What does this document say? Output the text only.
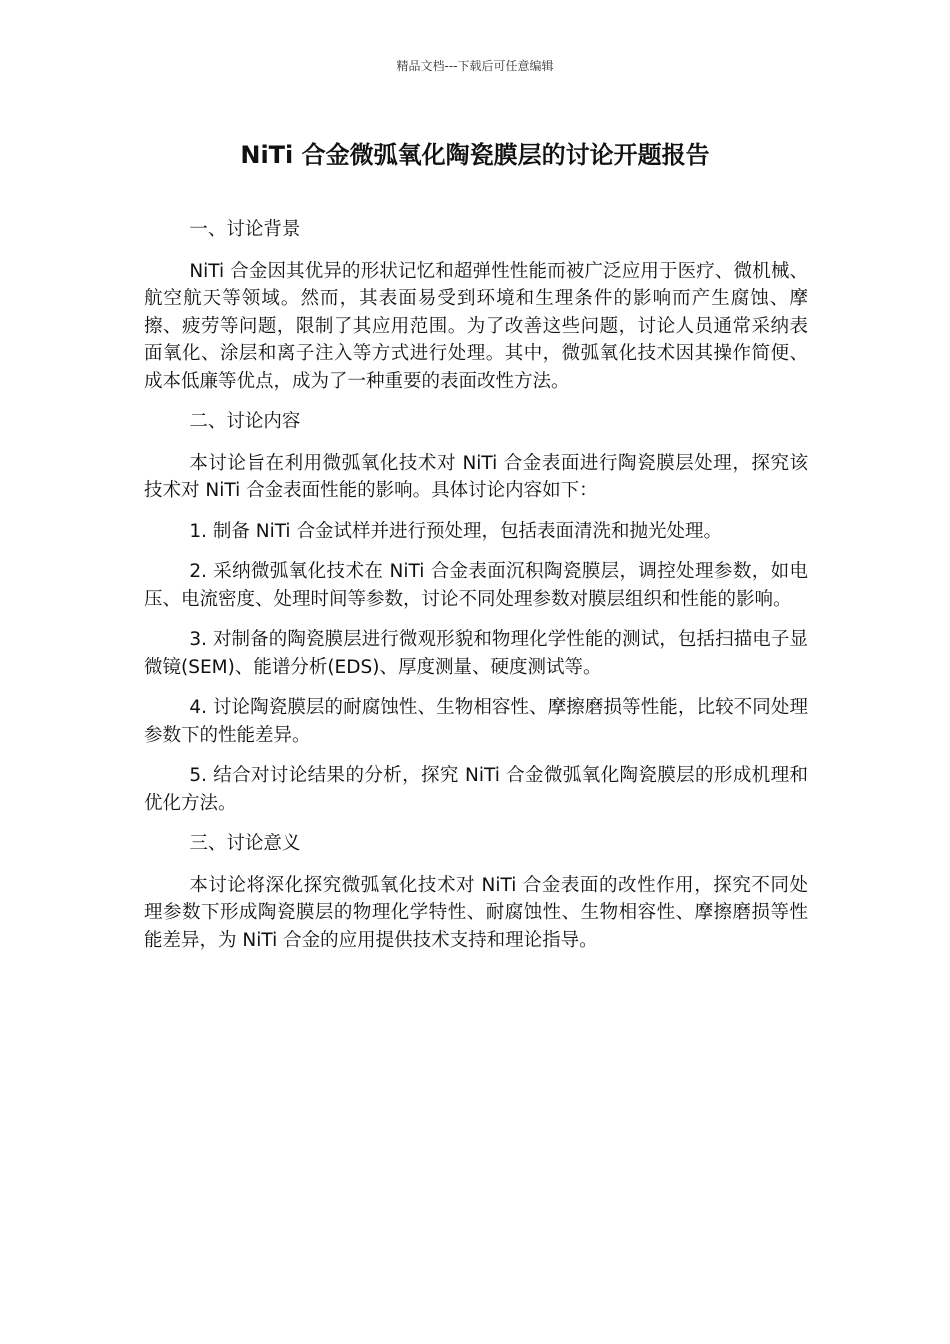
精品文档---下载后可任意编辑
NiTi 合金微弧氧化陶瓷膜层的讨论开题报告

一、讨论背景

NiTi 合金因其优异的形状记忆和超弹性性能而被广泛应用于医疗、微机械、航空航天等领域。然而，其表面易受到环境和生理条件的影响而产生腐蚀、摩擦、疲劳等问题，限制了其应用范围。为了改善这些问题，讨论人员通常采纳表面氧化、涂层和离子注入等方式进行处理。其中，微弧氧化技术因其操作简便、成本低廉等优点，成为了一种重要的表面改性方法。

二、讨论内容

本讨论旨在利用微弧氧化技术对 NiTi 合金表面进行陶瓷膜层处理，探究该技术对 NiTi 合金表面性能的影响。具体讨论内容如下：

1. 制备 NiTi 合金试样并进行预处理，包括表面清洗和抛光处理。

2. 采纳微弧氧化技术在 NiTi 合金表面沉积陶瓷膜层，调控处理参数，如电压、电流密度、处理时间等参数，讨论不同处理参数对膜层组织和性能的影响。

3. 对制备的陶瓷膜层进行微观形貌和物理化学性能的测试，包括扫描电子显微镜(SEM)、能谱分析(EDS)、厚度测量、硬度测试等。

4. 讨论陶瓷膜层的耐腐蚀性、生物相容性、摩擦磨损等性能，比较不同处理参数下的性能差异。

5. 结合对讨论结果的分析，探究 NiTi 合金微弧氧化陶瓷膜层的形成机理和优化方法。

三、讨论意义

本讨论将深化探究微弧氧化技术对 NiTi 合金表面的改性作用，探究不同处理参数下形成陶瓷膜层的物理化学特性、耐腐蚀性、生物相容性、摩擦磨损等性能差异，为 NiTi 合金的应用提供技术支持和理论指导。
